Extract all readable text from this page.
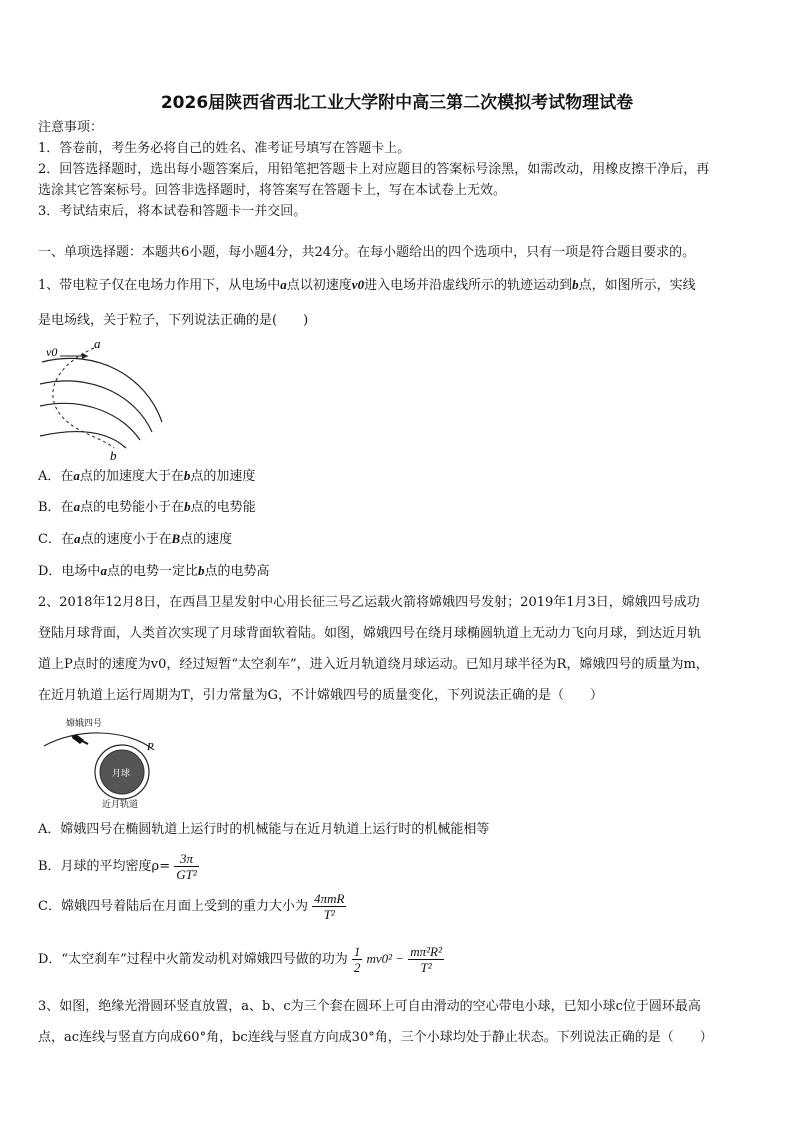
2026届陕西省西北工业大学附中高三第二次模拟考试物理试卷
注意事项：
1．答卷前，考生务必将自己的姓名、准考证号填写在答题卡上。
2．回答选择题时，选出每小题答案后，用铅笔把答题卡上对应题目的答案标号涂黑，如需改动，用橡皮擦干净后，再
选涂其它答案标号。回答非选择题时，将答案写在答题卡上，写在本试卷上无效。
3．考试结束后，将本试卷和答题卡一并交回。
一、单项选择题：本题共6小题，每小题4分，共24分。在每小题给出的四个选项中，只有一项是符合题目要求的。
1、带电粒子仅在电场力作用下，从电场中a点以初速度v0进入电场并沿虚线所示的轨迹运动到b点，如图所示，实线
是电场线，关于粒子，下列说法正确的是(　　)
v0
a
b
A．在a点的加速度大于在b点的加速度
B．在a点的电势能小于在b点的电势能
C．在a点的速度小于在B点的速度
D．电场中a点的电势一定比b点的电势高
2、2018年12月8日，在西昌卫星发射中心用长征三号乙运载火箭将嫦娥四号发射；2019年1月3日，嫦娥四号成功
登陆月球背面，人类首次实现了月球背面软着陆。如图，嫦娥四号在绕月球椭圆轨道上无动力飞向月球，到达近月轨
道上P点时的速度为v0，经过短暂“太空刹车”，进入近月轨道绕月球运动。已知月球半径为R，嫦娥四号的质量为m，
在近月轨道上运行周期为T，引力常量为G，不计嫦娥四号的质量变化，下列说法正确的是（　　）
嫦娥四号
P
月球
近月轨道
A．嫦娥四号在椭圆轨道上运行时的机械能与在近月轨道上运行时的机械能相等
B．月球的平均密度$\rho= \frac{3\pi}{\text{GT²}}$
C．嫦娥四号着陆后在月面上受到的重力大小为 $\frac{\text{4πmR}}{\text{T²}}$
D．“太空刹车”过程中火箭发动机对嫦娥四号做的功为 $\frac{1}{2} mv0^2 - \frac{\text{mπ²R²}}{\text{T²}}$
3、如图，绝缘光滑圆环竖直放置，a、b、c为三个套在圆环上可自由滑动的空心带电小球，已知小球c位于圆环最高
点，ac连线与竖直方向成60°角，bc连线与竖直方向成30°角，三个小球均处于静止状态。下列说法正确的是（　　）
